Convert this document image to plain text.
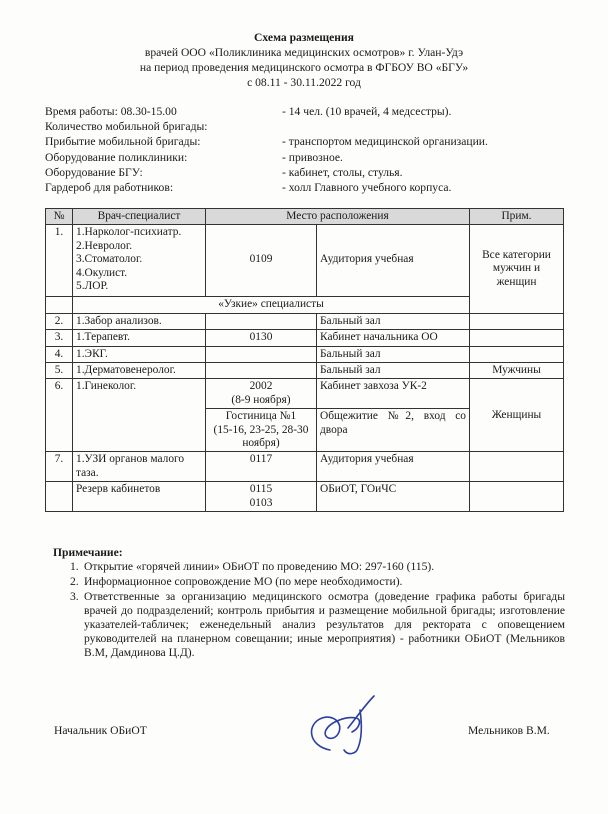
Схема размещения
врачей ООО «Поликлиника медицинских осмотров» г. Улан-Удэ
на период проведения медицинского осмотра в ФГБОУ ВО «БГУ»
с 08.11 - 30.11.2022 год
Время работы: 08.30-15.00	- 14 чел. (10 врачей, 4 медсестры).
Количество мобильной бригады:
Прибытие мобильной бригады:	- транспортом медицинской организации.
Оборудование поликлиники:	- привозное.
Оборудование БГУ:	- кабинет, столы, стулья.
Гардероб для работников:	- холл Главного учебного корпуса.
№	Врач-специалист	Место расположения		Прим.
1.	1.Нарколог-психиатр.
2.Невролог.
3.Стоматолог.
4.Окулист.
5.ЛОР.	0109	Аудитория учебная	Все категории мужчин и женщин
	«Узкие» специалисты			
2.	1.Забор анализов.		Бальный зал	
3.	1.Терапевт.	0130	Кабинет начальника ОО	
4.	1.ЭКГ.		Бальный зал	
5.	1.Дерматовенеролог.		Бальный зал	Мужчины
6.	1.Гинеколог.	2002
(8-9 ноября)	Кабинет завхоза УК-2	Женщины

		Гостиница №1
(15-16, 23-25, 28-30 ноября)	Общежитие №2, вход со двора	
7.	1.УЗИ органов малого таза.	0117	Аудитория учебная	
	Резерв кабинетов	0115
0103	ОБиОТ, ГОиЧС	
Примечание:
1. Открытие «горячей линии» ОБиОТ по проведению МО: 297-160 (115).
2. Информационное сопровождение МО (по мере необходимости).
3. Ответственные за организацию медицинского осмотра (доведение графика работы бригады врачей до подразделений; контроль прибытия и размещение мобильной бригады; изготовление указателей-табличек; еженедельный анализ результатов для ректората с оповещением руководителей на планерном совещании; иные мероприятия) - работники ОБиОТ (Мельников В.М, Дамдинова Ц.Д).
Начальник ОБиОТ	Мельников В.М.
